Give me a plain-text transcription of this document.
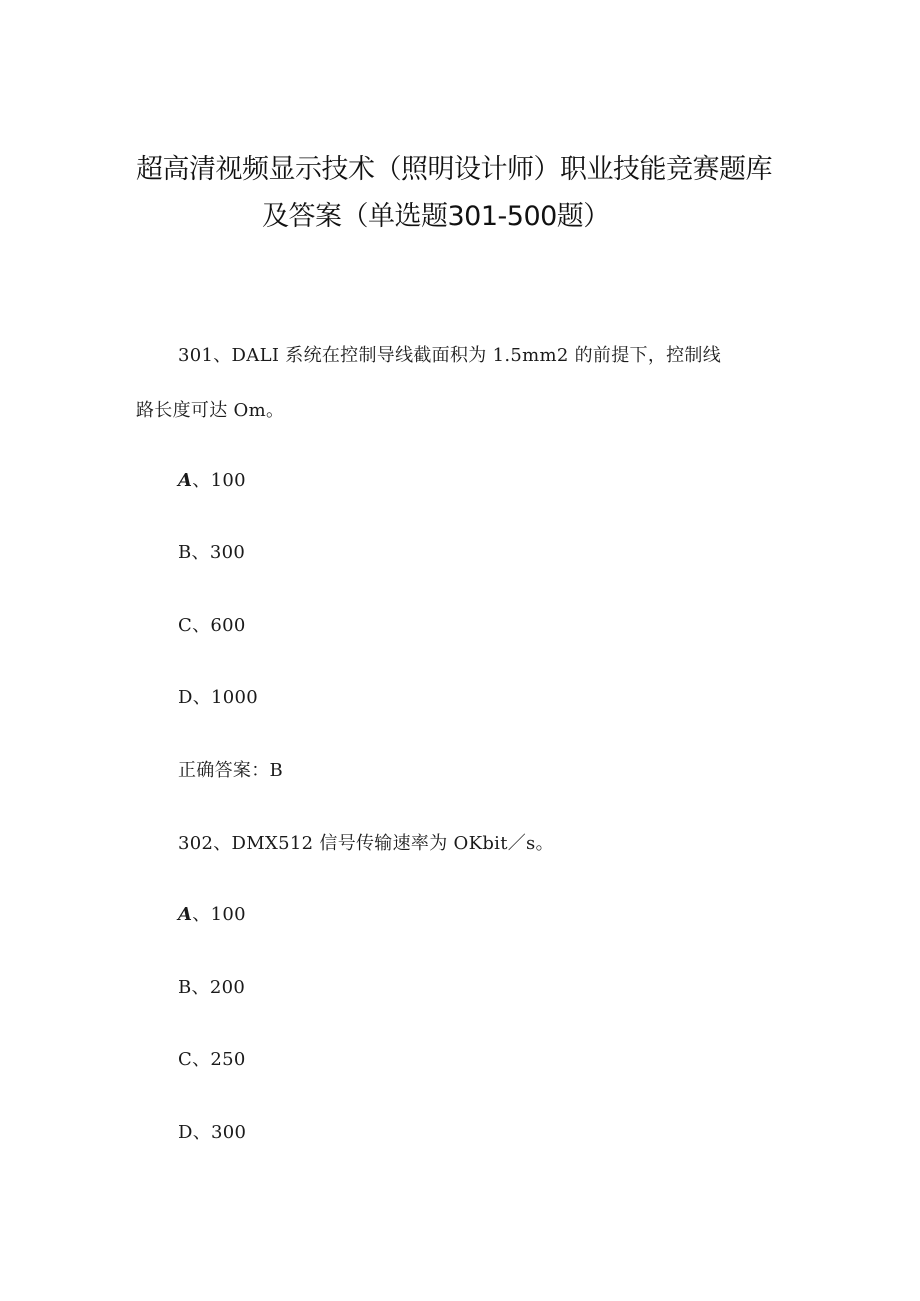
超高清视频显示技术（照明设计师）职业技能竞赛题库
及答案（单选题301-500题）
301、DALI 系统在控制导线截面积为 1.5mm2 的前提下，控制线
路长度可达 Om。
A、100
B、300
C、600
D、1000
正确答案：B
302、DMX512 信号传输速率为 OKbit／s。
A、100
B、200
C、250
D、300
